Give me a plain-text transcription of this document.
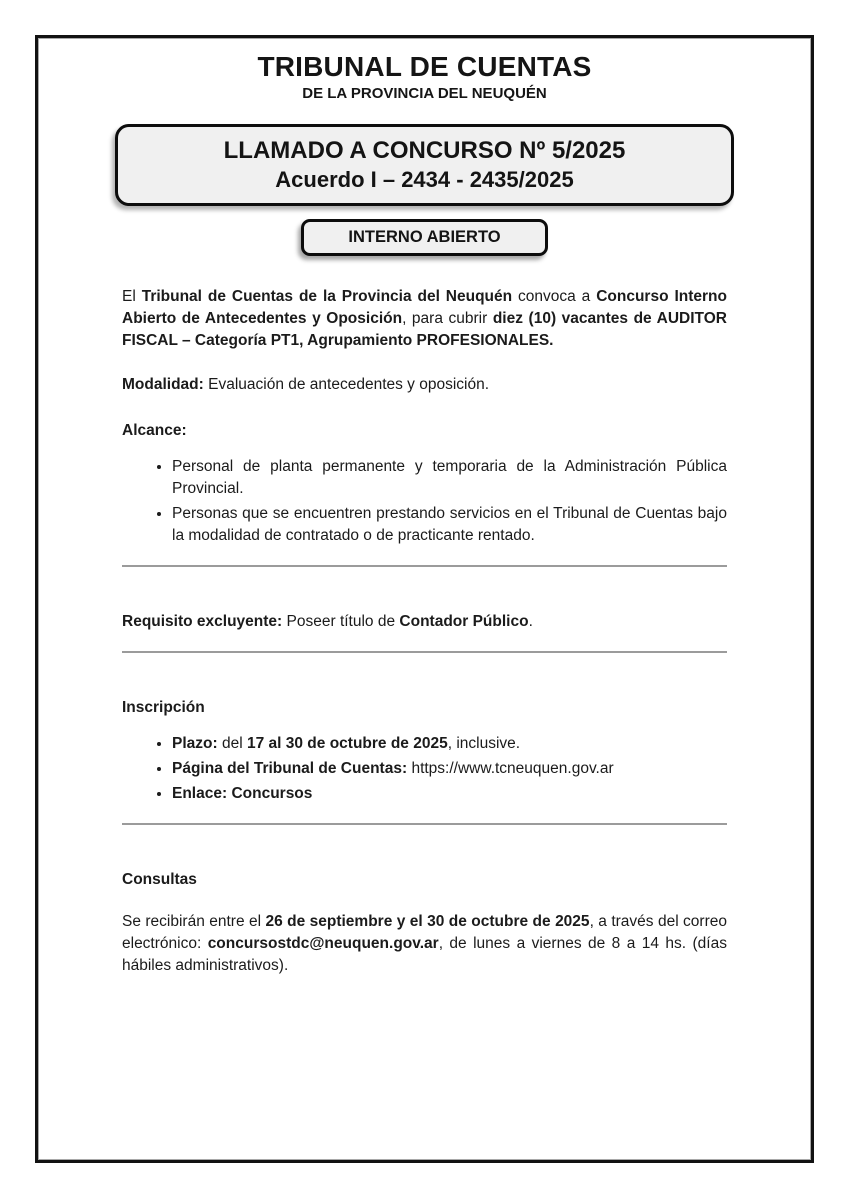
TRIBUNAL DE CUENTAS
DE LA PROVINCIA DEL NEUQUÉN
LLAMADO A CONCURSO Nº 5/2025
Acuerdo I – 2434 - 2435/2025
INTERNO ABIERTO

El Tribunal de Cuentas de la Provincia del Neuquén convoca a Concurso Interno Abierto de Antecedentes y Oposición, para cubrir diez (10) vacantes de AUDITOR FISCAL – Categoría PT1, Agrupamiento PROFESIONALES.

Modalidad: Evaluación de antecedentes y oposición.

Alcance:

• Personal de planta permanente y temporaria de la Administración Pública Provincial.
• Personas que se encuentren prestando servicios en el Tribunal de Cuentas bajo la modalidad de contratado o de practicante rentado.

Requisito excluyente: Poseer título de Contador Público.

Inscripción

• Plazo: del 17 al 30 de octubre de 2025, inclusive.
• Página del Tribunal de Cuentas: https://www.tcneuquen.gov.ar
• Enlace: Concursos

Consultas

Se recibirán entre el 26 de septiembre y el 30 de octubre de 2025, a través del correo electrónico: concursostdc@neuquen.gov.ar, de lunes a viernes de 8 a 14 hs. (días hábiles administrativos).
